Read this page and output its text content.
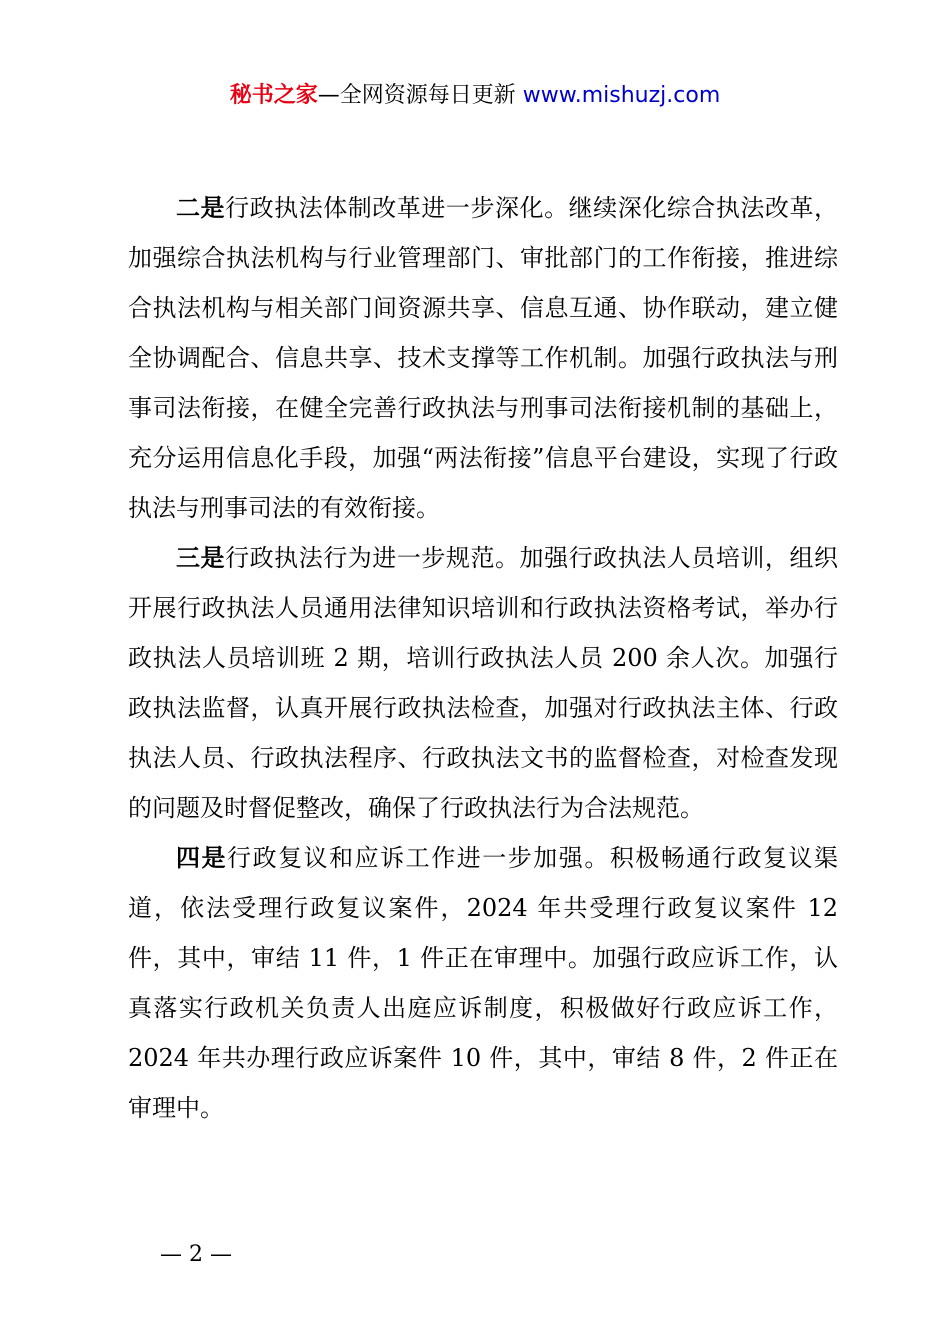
秘书之家—全网资源每日更新 www.mishuzj.com

二是行政执法体制改革进一步深化。继续深化综合执法改革，加强综合执法机构与行业管理部门、审批部门的工作衔接，推进综合执法机构与相关部门间资源共享、信息互通、协作联动，建立健全协调配合、信息共享、技术支撑等工作机制。加强行政执法与刑事司法衔接，在健全完善行政执法与刑事司法衔接机制的基础上，充分运用信息化手段，加强“两法衔接”信息平台建设，实现了行政执法与刑事司法的有效衔接。

三是行政执法行为进一步规范。加强行政执法人员培训，组织开展行政执法人员通用法律知识培训和行政执法资格考试，举办行政执法人员培训班 2 期，培训行政执法人员 200 余人次。加强行政执法监督，认真开展行政执法检查，加强对行政执法主体、行政执法人员、行政执法程序、行政执法文书的监督检查，对检查发现的问题及时督促整改，确保了行政执法行为合法规范。

四是行政复议和应诉工作进一步加强。积极畅通行政复议渠道，依法受理行政复议案件，2024 年共受理行政复议案件 12 件，其中，审结 11 件，1 件正在审理中。加强行政应诉工作，认真落实行政机关负责人出庭应诉制度，积极做好行政应诉工作，2024 年共办理行政应诉案件 10 件，其中，审结 8 件，2 件正在审理中。

— 2 —
